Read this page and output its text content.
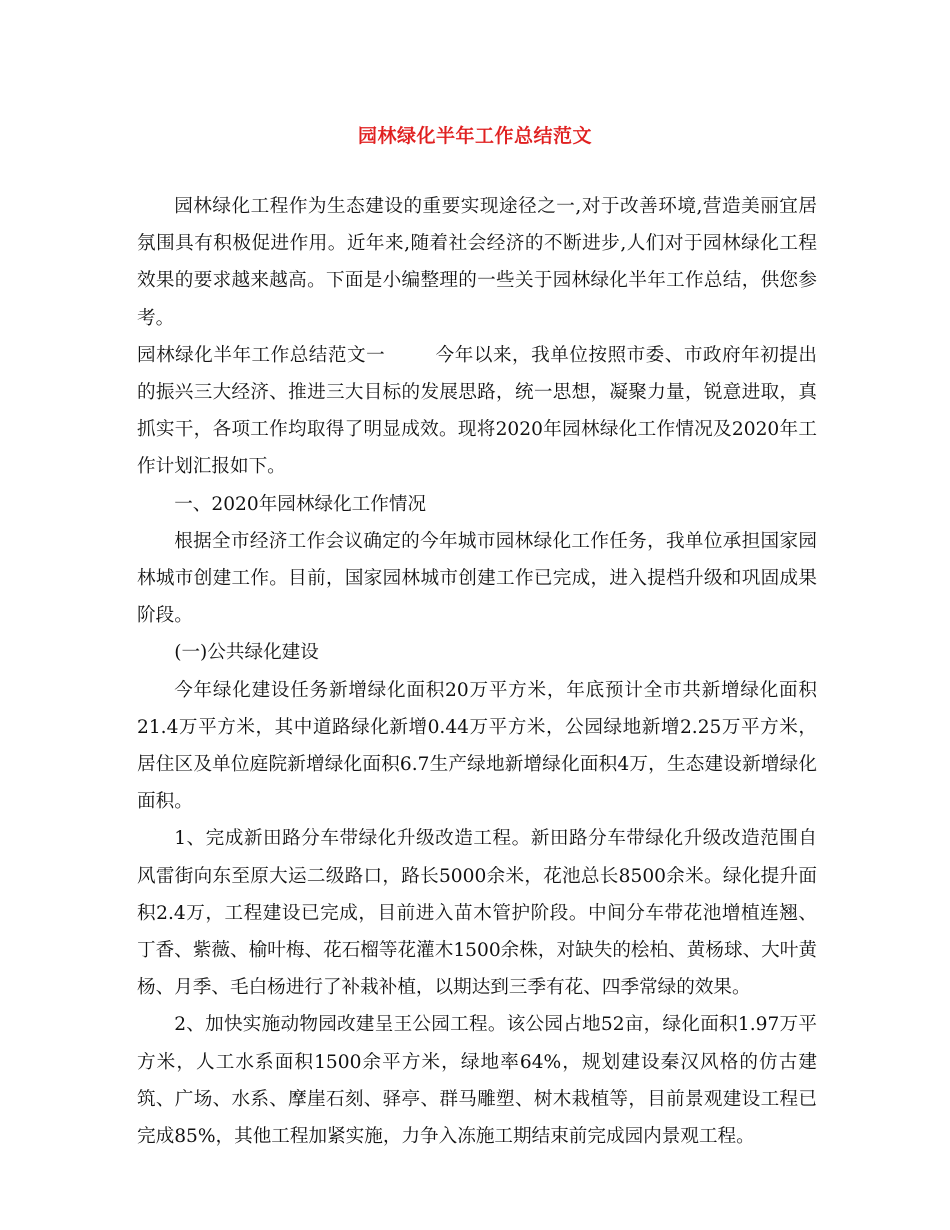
园林绿化半年工作总结范文

园林绿化工程作为生态建设的重要实现途径之一,对于改善环境,营造美丽宜居氛围具有积极促进作用。近年来,随着社会经济的不断进步,人们对于园林绿化工程效果的要求越来越高。下面是小编整理的一些关于园林绿化半年工作总结，供您参考。

园林绿化半年工作总结范文一	今年以来，我单位按照市委、市政府年初提出的振兴三大经济、推进三大目标的发展思路，统一思想，凝聚力量，锐意进取，真抓实干，各项工作均取得了明显成效。现将2020年园林绿化工作情况及2020年工作计划汇报如下。

一、2020年园林绿化工作情况

根据全市经济工作会议确定的今年城市园林绿化工作任务，我单位承担国家园林城市创建工作。目前，国家园林城市创建工作已完成，进入提档升级和巩固成果阶段。

(一)公共绿化建设

今年绿化建设任务新增绿化面积20万平方米，年底预计全市共新增绿化面积21.4万平方米，其中道路绿化新增0.44万平方米，公园绿地新增2.25万平方米，居住区及单位庭院新增绿化面积6.7生产绿地新增绿化面积4万，生态建设新增绿化面积。

1、完成新田路分车带绿化升级改造工程。新田路分车带绿化升级改造范围自风雷街向东至原大运二级路口，路长5000余米，花池总长8500余米。绿化提升面积2.4万，工程建设已完成，目前进入苗木管护阶段。中间分车带花池增植连翘、丁香、紫薇、榆叶梅、花石榴等花灌木1500余株，对缺失的桧柏、黄杨球、大叶黄杨、月季、毛白杨进行了补栽补植，以期达到三季有花、四季常绿的效果。

2、加快实施动物园改建呈王公园工程。该公园占地52亩，绿化面积1.97万平方米，人工水系面积1500余平方米，绿地率64%，规划建设秦汉风格的仿古建筑、广场、水系、摩崖石刻、驿亭、群马雕塑、树木栽植等，目前景观建设工程已完成85%，其他工程加紧实施，力争入冻施工期结束前完成园内景观工程。
